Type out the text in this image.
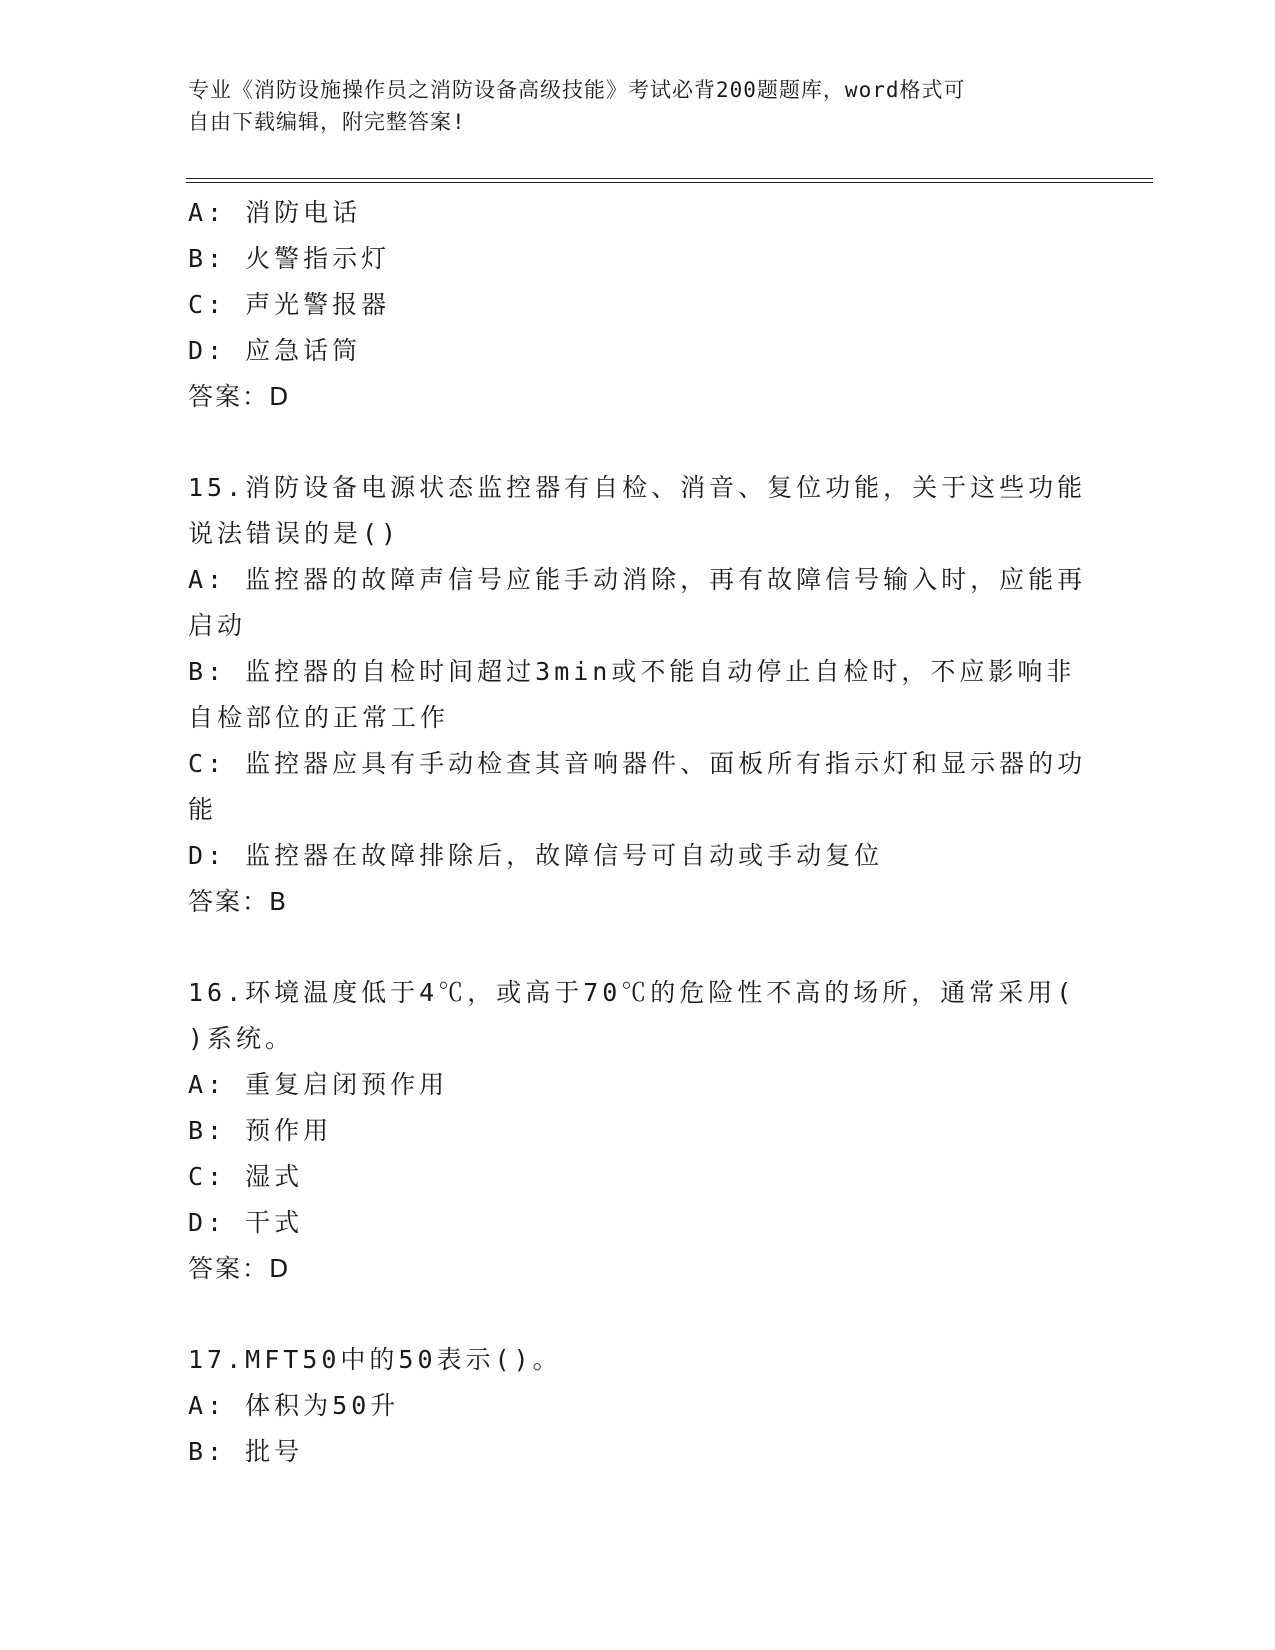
专业《消防设施操作员之消防设备高级技能》考试必背200题题库，word格式可
自由下载编辑，附完整答案!
A: 消防电话
B: 火警指示灯
C: 声光警报器
D: 应急话筒
答案：D
15.消防设备电源状态监控器有自检、消音、复位功能，关于这些功能
说法错误的是()
A: 监控器的故障声信号应能手动消除，再有故障信号输入时，应能再
启动
B: 监控器的自检时间超过3min或不能自动停止自检时，不应影响非
自检部位的正常工作
C: 监控器应具有手动检查其音响器件、面板所有指示灯和显示器的功
能
D: 监控器在故障排除后，故障信号可自动或手动复位
答案：B
16.环境温度低于4℃，或高于70℃的危险性不高的场所，通常采用(
)系统。
A: 重复启闭预作用
B: 预作用
C: 湿式
D: 干式
答案：D
17.MFT50中的50表示()。
A: 体积为50升
B: 批号
